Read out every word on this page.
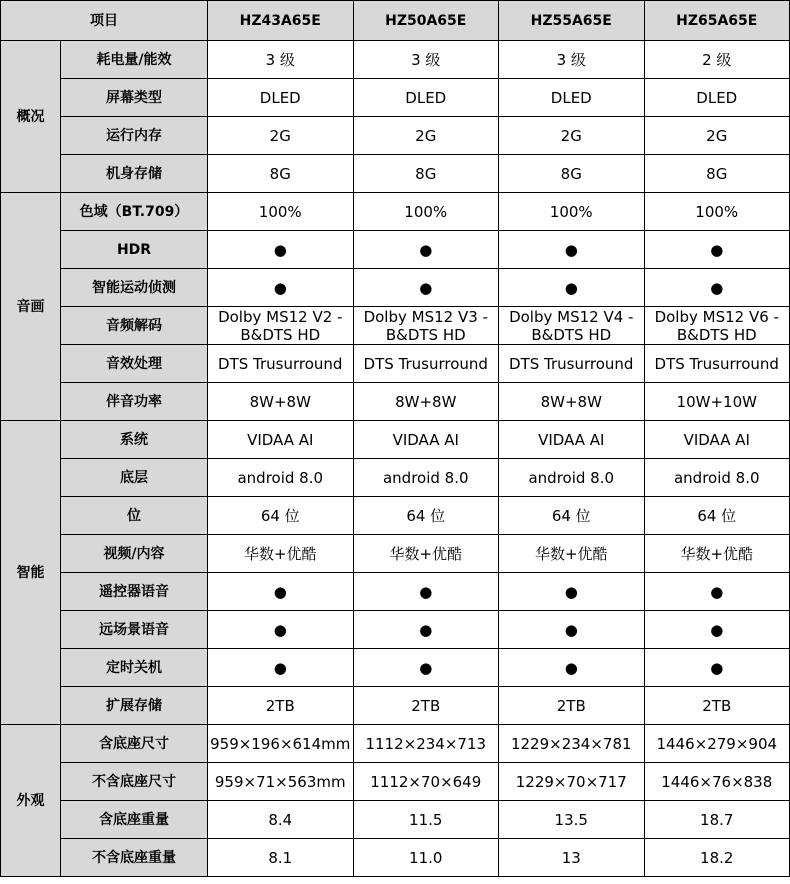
项目		HZ43A65E	HZ50A65E	HZ55A65E	HZ65A65E
概况	耗电量/能效	3 级	3 级	3 级	2 级
	屏幕类型	DLED	DLED	DLED	DLED
	运行内存	2G	2G	2G	2G
	机身存储	8G	8G	8G	8G
音画	色域（BT.709）	100%	100%	100%	100%
	HDR	●	●	●	●
	智能运动侦测	●	●	●	●
	音频解码	Dolby MS12 V2 -B&DTS HD	Dolby MS12 V3 -B&DTS HD	Dolby MS12 V4 -B&DTS HD	Dolby MS12 V6 -B&DTS HD
	音效处理	DTS Trusurround	DTS Trusurround	DTS Trusurround	DTS Trusurround
	伴音功率	8W+8W	8W+8W	8W+8W	10W+10W
智能	系统	VIDAA AI	VIDAA AI	VIDAA AI	VIDAA AI
	底层	android 8.0	android 8.0	android 8.0	android 8.0
	位	64 位	64 位	64 位	64 位
	视频/内容	华数+优酷	华数+优酷	华数+优酷	华数+优酷
	遥控器语音	●	●	●	●
	远场景语音	●	●	●	●
	定时关机	●	●	●	●
	扩展存储	2TB	2TB	2TB	2TB
外观	含底座尺寸	959×196×614mm	1112×234×713	1229×234×781	1446×279×904
	不含底座尺寸	959×71×563mm	1112×70×649	1229×70×717	1446×76×838
	含底座重量	8.4	11.5	13.5	18.7
	不含底座重量	8.1	11.0	13	18.2
